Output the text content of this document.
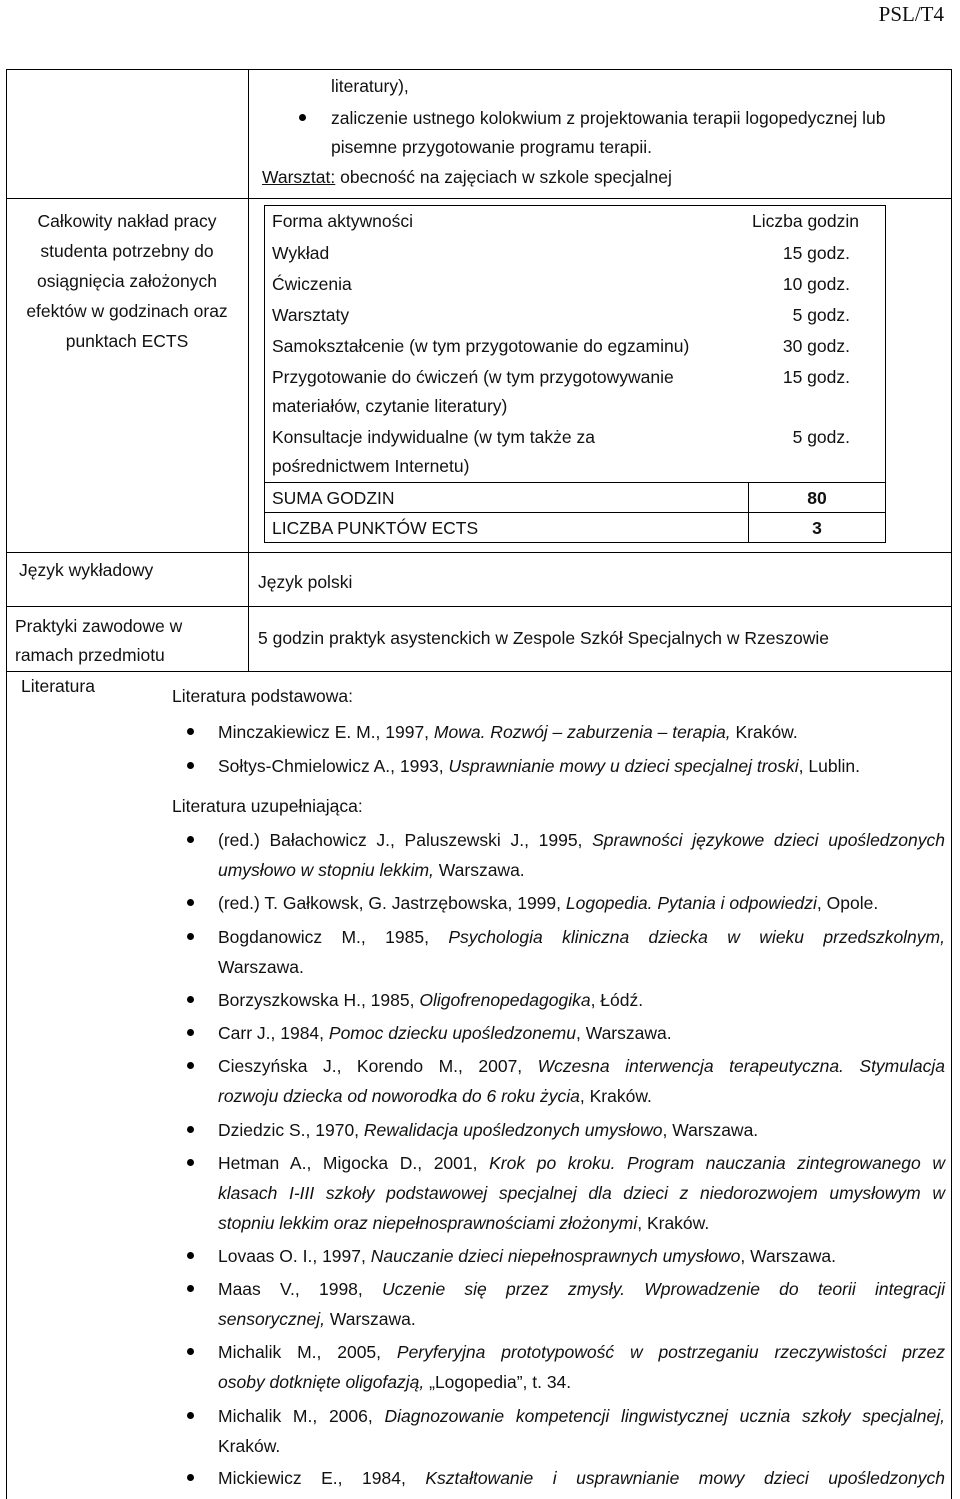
PSL/T4
literatury),
zaliczenie ustnego kolokwium z projektowania terapii logopedycznej lub
pisemne przygotowanie programu terapii.
Warsztat: obecność na zajęciach w szkole specjalnej
Całkowity nakład pracy
studenta potrzebny do
osiągnięcia założonych
efektów w godzinach oraz
punktach ECTS
Forma aktywności	Liczba godzin
Wykład	15 godz.
Ćwiczenia	10 godz.
Warsztaty	5 godz.
Samokształcenie (w tym przygotowanie do egzaminu)	30 godz.
Przygotowanie do ćwiczeń (w tym przygotowywanie
materiałów, czytanie literatury)
15 godz.
Konsultacje indywidualne (w tym także za
pośrednictwem Internetu)
5 godz.
SUMA GODZIN	80
LICZBA PUNKTÓW ECTS	3
Język wykładowy
Język polski
Praktyki zawodowe w
ramach przedmiotu
5 godzin praktyk asystenckich w Zespole Szkół Specjalnych w Rzeszowie
Literatura	Literatura podstawowa:
Minczakiewicz E. M., 1997, Mowa. Rozwój – zaburzenia – terapia, Kraków.
Sołtys-Chmielowicz A., 1993, Usprawnianie mowy u dzieci specjalnej troski, Lublin.
Literatura uzupełniająca:
(red.) Bałachowicz J., Paluszewski J., 1995, Sprawności językowe dzieci upośledzonych
umysłowo w stopniu lekkim, Warszawa.
(red.) T. Gałkowsk, G. Jastrzębowska, 1999, Logopedia. Pytania i odpowiedzi, Opole.
Bogdanowicz M., 1985, Psychologia kliniczna dziecka w wieku przedszkolnym,
Warszawa.
Borzyszkowska H., 1985, Oligofrenopedagogika, Łódź.
Carr J., 1984, Pomoc dziecku upośledzonemu, Warszawa.
Cieszyńska J., Korendo M., 2007, Wczesna interwencja terapeutyczna. Stymulacja
rozwoju dziecka od noworodka do 6 roku życia, Kraków.
Dziedzic S., 1970, Rewalidacja upośledzonych umysłowo, Warszawa.
Hetman A., Migocka D., 2001, Krok po kroku. Program nauczania zintegrowanego w
klasach I-III szkoły podstawowej specjalnej dla dzieci z niedorozwojem umysłowym w
stopniu lekkim oraz niepełnosprawnościami złożonymi, Kraków.
Lovaas O. I., 1997, Nauczanie dzieci niepełnosprawnych umysłowo, Warszawa.
Maas V., 1998, Uczenie się przez zmysły. Wprowadzenie do teorii integracji
sensorycznej, Warszawa.
Michalik M., 2005, Peryferyjna prototypowość w postrzeganiu rzeczywistości przez
osoby dotknięte oligofazją, „Logopedia”, t. 34.
Michalik M., 2006, Diagnozowanie kompetencji lingwistycznej ucznia szkoły specjalnej,
Kraków.
Mickiewicz E., 1984, Kształtowanie i usprawnianie mowy dzieci upośledzonych
